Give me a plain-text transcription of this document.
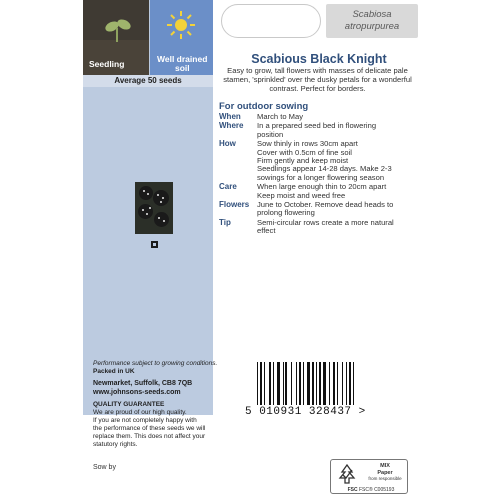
Seedling	Well drained
soil
Average 50 seeds
Performance subject to growing conditions.
Packed in UK
Newmarket, Suffolk, CB8 7QB
www.johnsons-seeds.com
QUALITY GUARANTEE
We are proud of our high quality.
If you are not completely happy with
the performance of these seeds we will
replace them. This does not affect your
statutory rights.
Scabiosa
atropurpurea
Scabious Black Knight
Easy to grow, tall flowers with masses of delicate pale stamen, 'sprinkled' over the dusky petals for a wonderful contrast. Perfect for borders.
For outdoor sowing
When	March to May
Where	In a prepared seed bed in flowering
position
How	Sow thinly in rows 30cm apart
Cover with 0.5cm of fine soil
Firm gently and keep moist
Seedlings appear 14-28 days. Make 2-3
sowings for a longer flowering season
Care	When large enough thin to 20cm apart
Keep moist and weed free
Flowers	June to October. Remove dead heads to
prolong flowering
Tip	Semi-circular rows create a more natural
effect
5 010931 328437 >
Sow by	MIX
Paper
from responsible
FSC FSC® C005193
